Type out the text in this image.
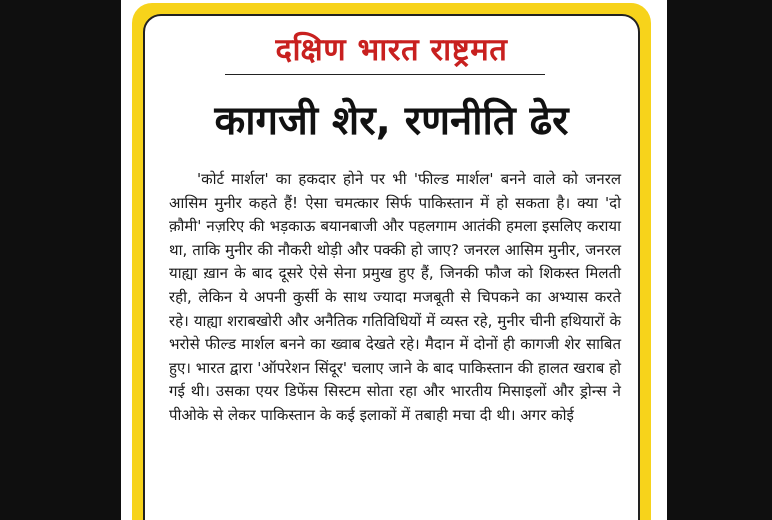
दक्षिण भारत राष्ट्रमत
कागजी शेर, रणनीति ढेर

'कोर्ट मार्शल' का हकदार होने पर भी 'फील्ड मार्शल' बनने वाले को जनरल आसिम मुनीर कहते हैं! ऐसा चमत्कार सिर्फ पाकिस्तान में हो सकता है। क्या 'दो क़ौमी' नज़रिए की भड़काऊ बयानबाजी और पहलगाम आतंकी हमला इसलिए कराया था, ताकि मुनीर की नौकरी थोड़ी और पक्की हो जाए? जनरल आसिम मुनीर, जनरल याह्या ख़ान के बाद दूसरे ऐसे सेना प्रमुख हुए हैं, जिनकी फौज को शिकस्त मिलती रही, लेकिन ये अपनी कुर्सी के साथ ज्यादा मजबूती से चिपकने का अभ्यास करते रहे। याह्या शराबखोरी और अनैतिक गतिविधियों में व्यस्त रहे, मुनीर चीनी हथियारों के भरोसे फील्ड मार्शल बनने का ख्वाब देखते रहे। मैदान में दोनों ही कागजी शेर साबित हुए। भारत द्वारा 'ऑपरेशन सिंदूर' चलाए जाने के बाद पाकिस्तान की हालत खराब हो गई थी। उसका एयर डिफेंस सिस्टम सोता रहा और भारतीय मिसाइलों और ड्रोन्स ने पीओके से लेकर पाकिस्तान के कई इलाकों में तबाही मचा दी थी। अगर कोई
